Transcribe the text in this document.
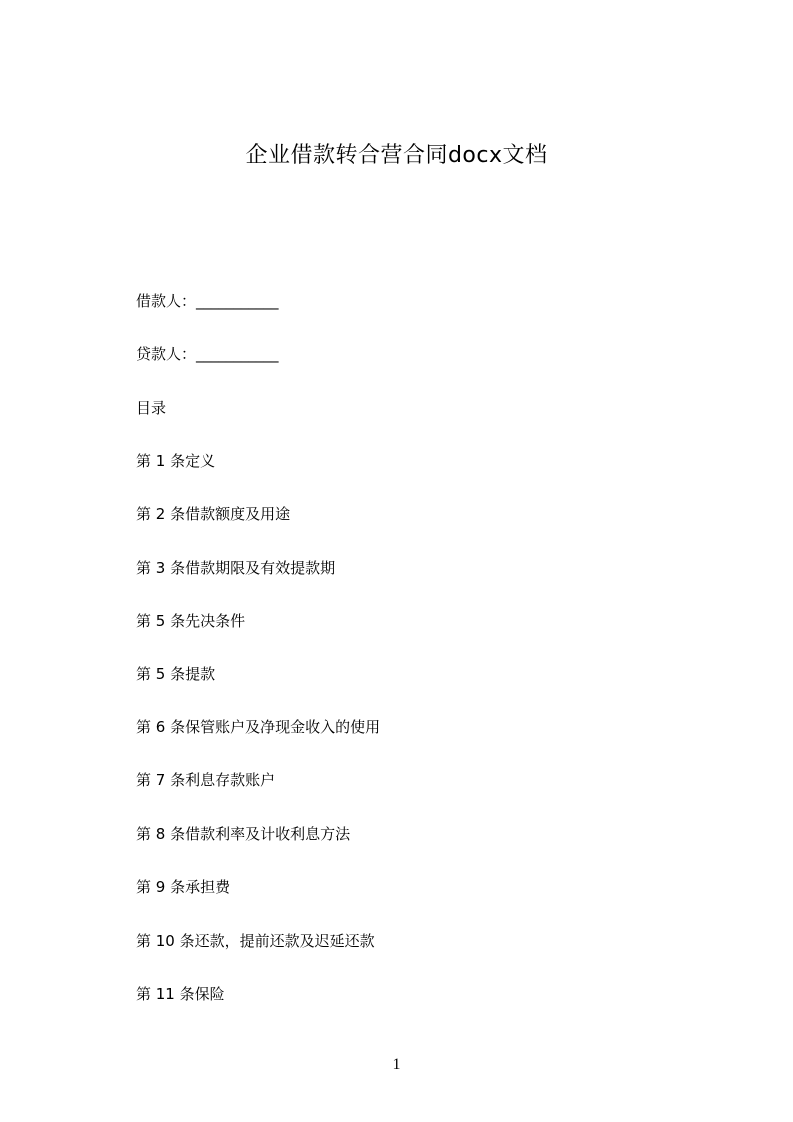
企业借款转合营合同docx文档
借款人：___________
贷款人：___________
目录
第 1 条定义
第 2 条借款额度及用途
第 3 条借款期限及有效提款期
第 5 条先决条件
第 5 条提款
第 6 条保管账户及净现金收入的使用
第 7 条利息存款账户
第 8 条借款利率及计收利息方法
第 9 条承担费
第 10 条还款，提前还款及迟延还款
第 11 条保险
1
